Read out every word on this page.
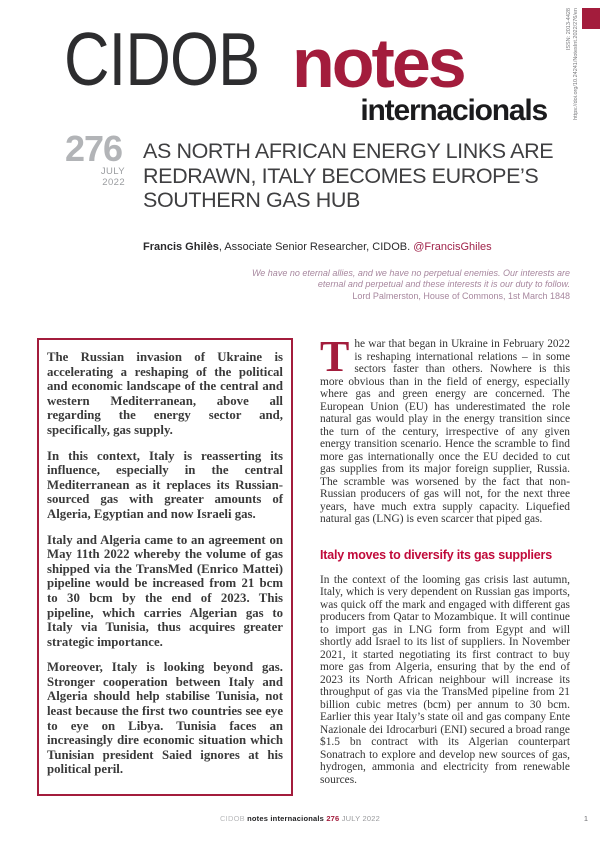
CIDOB notes
internacionals
ISSN: 2013-4428 https://doi.org/10.24241/NotesInt.2022/276/en
276
JULY
2022
AS NORTH AFRICAN ENERGY LINKS ARE
REDRAWN, ITALY BECOMES EUROPE’S
SOUTHERN GAS HUB
Francis Ghilès, Associate Senior Researcher, CIDOB. @FrancisGhiles
We have no eternal allies, and we have no perpetual enemies. Our interests are eternal and perpetual and these interests it is our duty to follow.
Lord Palmerston, House of Commons, 1st March 1848

The Russian invasion of Ukraine is accelerating a reshaping of the political and economic landscape of the central and western Mediterranean, above all regarding the energy sector and, specifically, gas supply.

In this context, Italy is reasserting its influence, especially in the central Mediterranean as it replaces its Russian-sourced gas with greater amounts of Algeria, Egyptian and now Israeli gas.

Italy and Algeria came to an agreement on May 11th 2022 whereby the volume of gas shipped via the TransMed (Enrico Mattei) pipeline would be increased from 21 bcm to 30 bcm by the end of 2023. This pipeline, which carries Algerian gas to Italy via Tunisia, thus acquires greater strategic importance.

Moreover, Italy is looking beyond gas. Stronger cooperation between Italy and Algeria should help stabilise Tunisia, not least because the first two countries see eye to eye on Libya. Tunisia faces an increasingly dire economic situation which Tunisian president Saied ignores at his political peril.

The war that began in Ukraine in February 2022 is reshaping international relations – in some sectors faster than others. Nowhere is this more obvious than in the field of energy, especially where gas and green energy are concerned. The European Union (EU) has underestimated the role natural gas would play in the energy transition since the turn of the century, irrespective of any given energy transition scenario. Hence the scramble to find more gas internationally once the EU decided to cut gas supplies from its major foreign supplier, Russia. The scramble was worsened by the fact that non-Russian producers of gas will not, for the next three years, have much extra supply capacity. Liquefied natural gas (LNG) is even scarcer that piped gas.

Italy moves to diversify its gas suppliers

In the context of the looming gas crisis last autumn, Italy, which is very dependent on Russian gas imports, was quick off the mark and engaged with different gas producers from Qatar to Mozambique. It will continue to import gas in LNG form from Egypt and will shortly add Israel to its list of suppliers. In November 2021, it started negotiating its first contract to buy more gas from Algeria, ensuring that by the end of 2023 its North African neighbour will increase its throughput of gas via the TransMed pipeline from 21 billion cubic metres (bcm) per annum to 30 bcm. Earlier this year Italy’s state oil and gas company Ente Nazionale dei Idrocarburi (ENI) secured a broad range $1.5 bn contract with its Algerian counterpart Sonatrach to explore and develop new sources of gas, hydrogen, ammonia and electricity from renewable sources.

CIDOB notes internacionals 276 JULY 2022	1
